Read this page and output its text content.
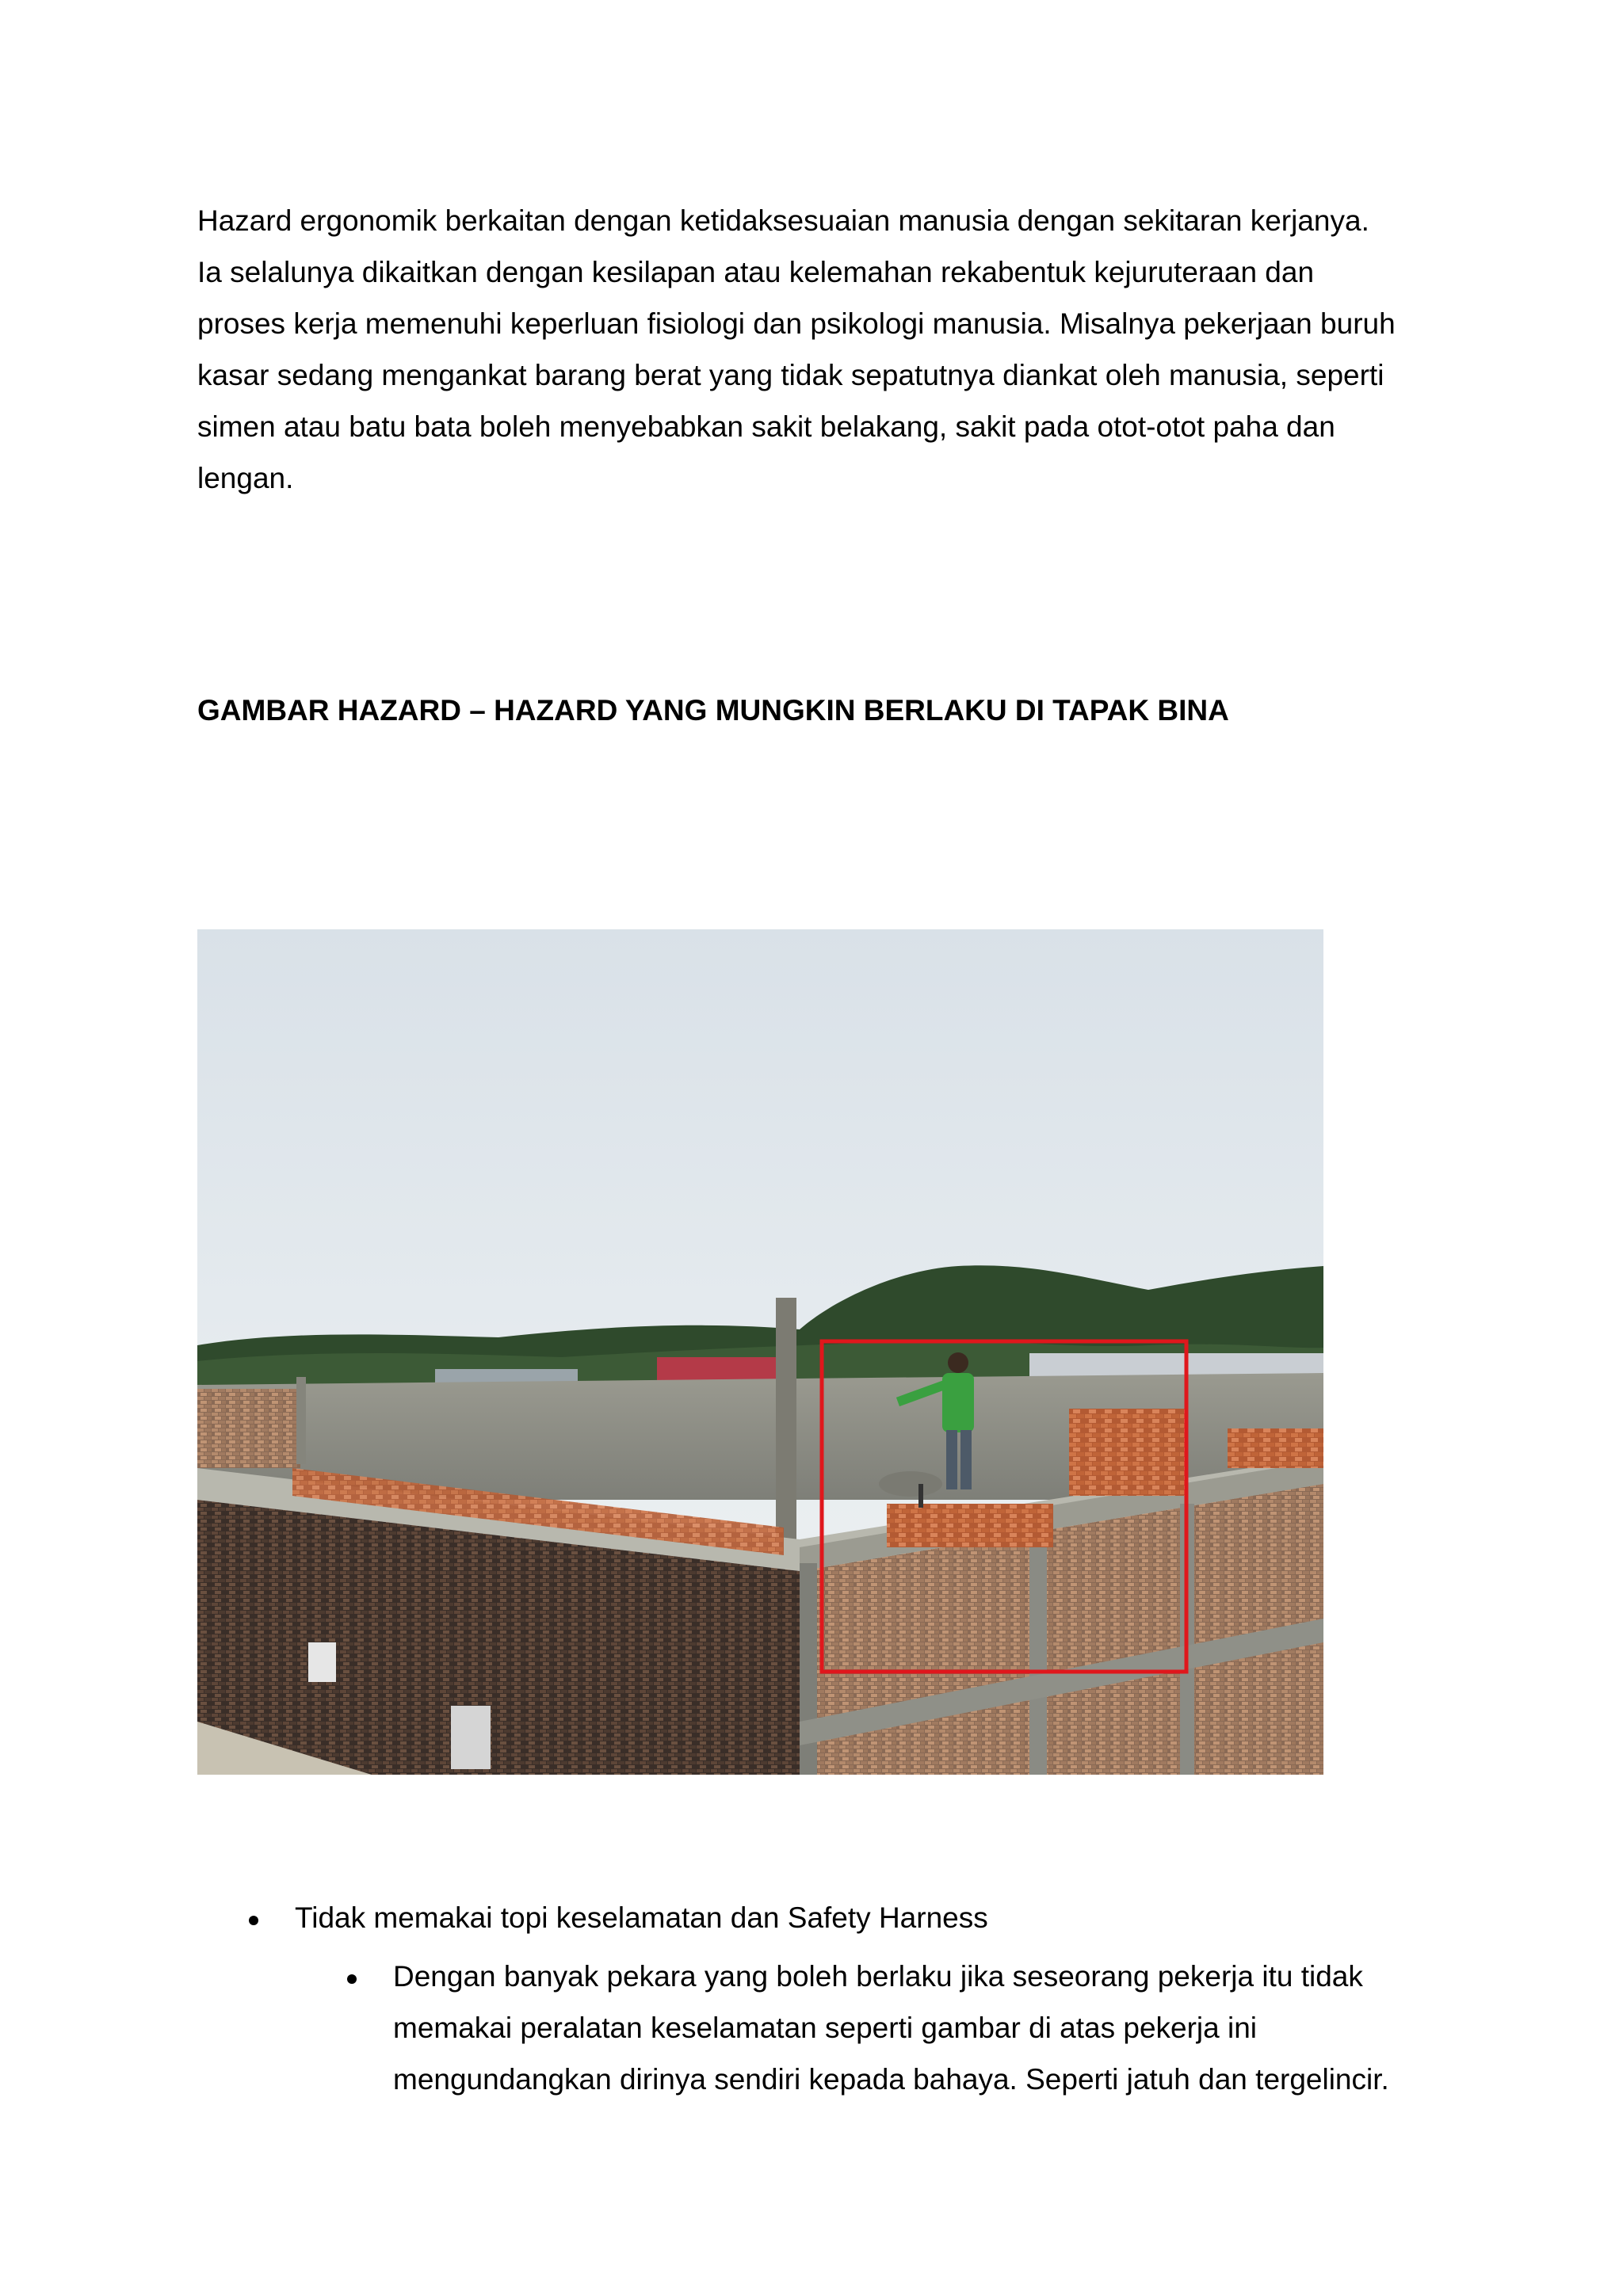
Hazard ergonomik berkaitan dengan ketidaksesuaian manusia dengan sekitaran kerjanya.
Ia selalunya dikaitkan dengan kesilapan atau kelemahan rekabentuk kejuruteraan dan
proses kerja memenuhi keperluan fisiologi dan psikologi manusia. Misalnya pekerjaan buruh
kasar sedang mengankat barang berat yang tidak sepatutnya diankat oleh manusia, seperti
simen atau batu bata boleh menyebabkan sakit belakang, sakit pada otot-otot paha dan
lengan.

GAMBAR HAZARD – HAZARD YANG MUNGKIN BERLAKU DI TAPAK BINA
Tidak memakai topi keselamatan dan Safety Harness
Dengan banyak pekara yang boleh berlaku jika seseorang pekerja itu tidak
memakai peralatan keselamatan seperti gambar di atas pekerja ini
mengundangkan dirinya sendiri kepada bahaya. Seperti jatuh dan tergelincir.
